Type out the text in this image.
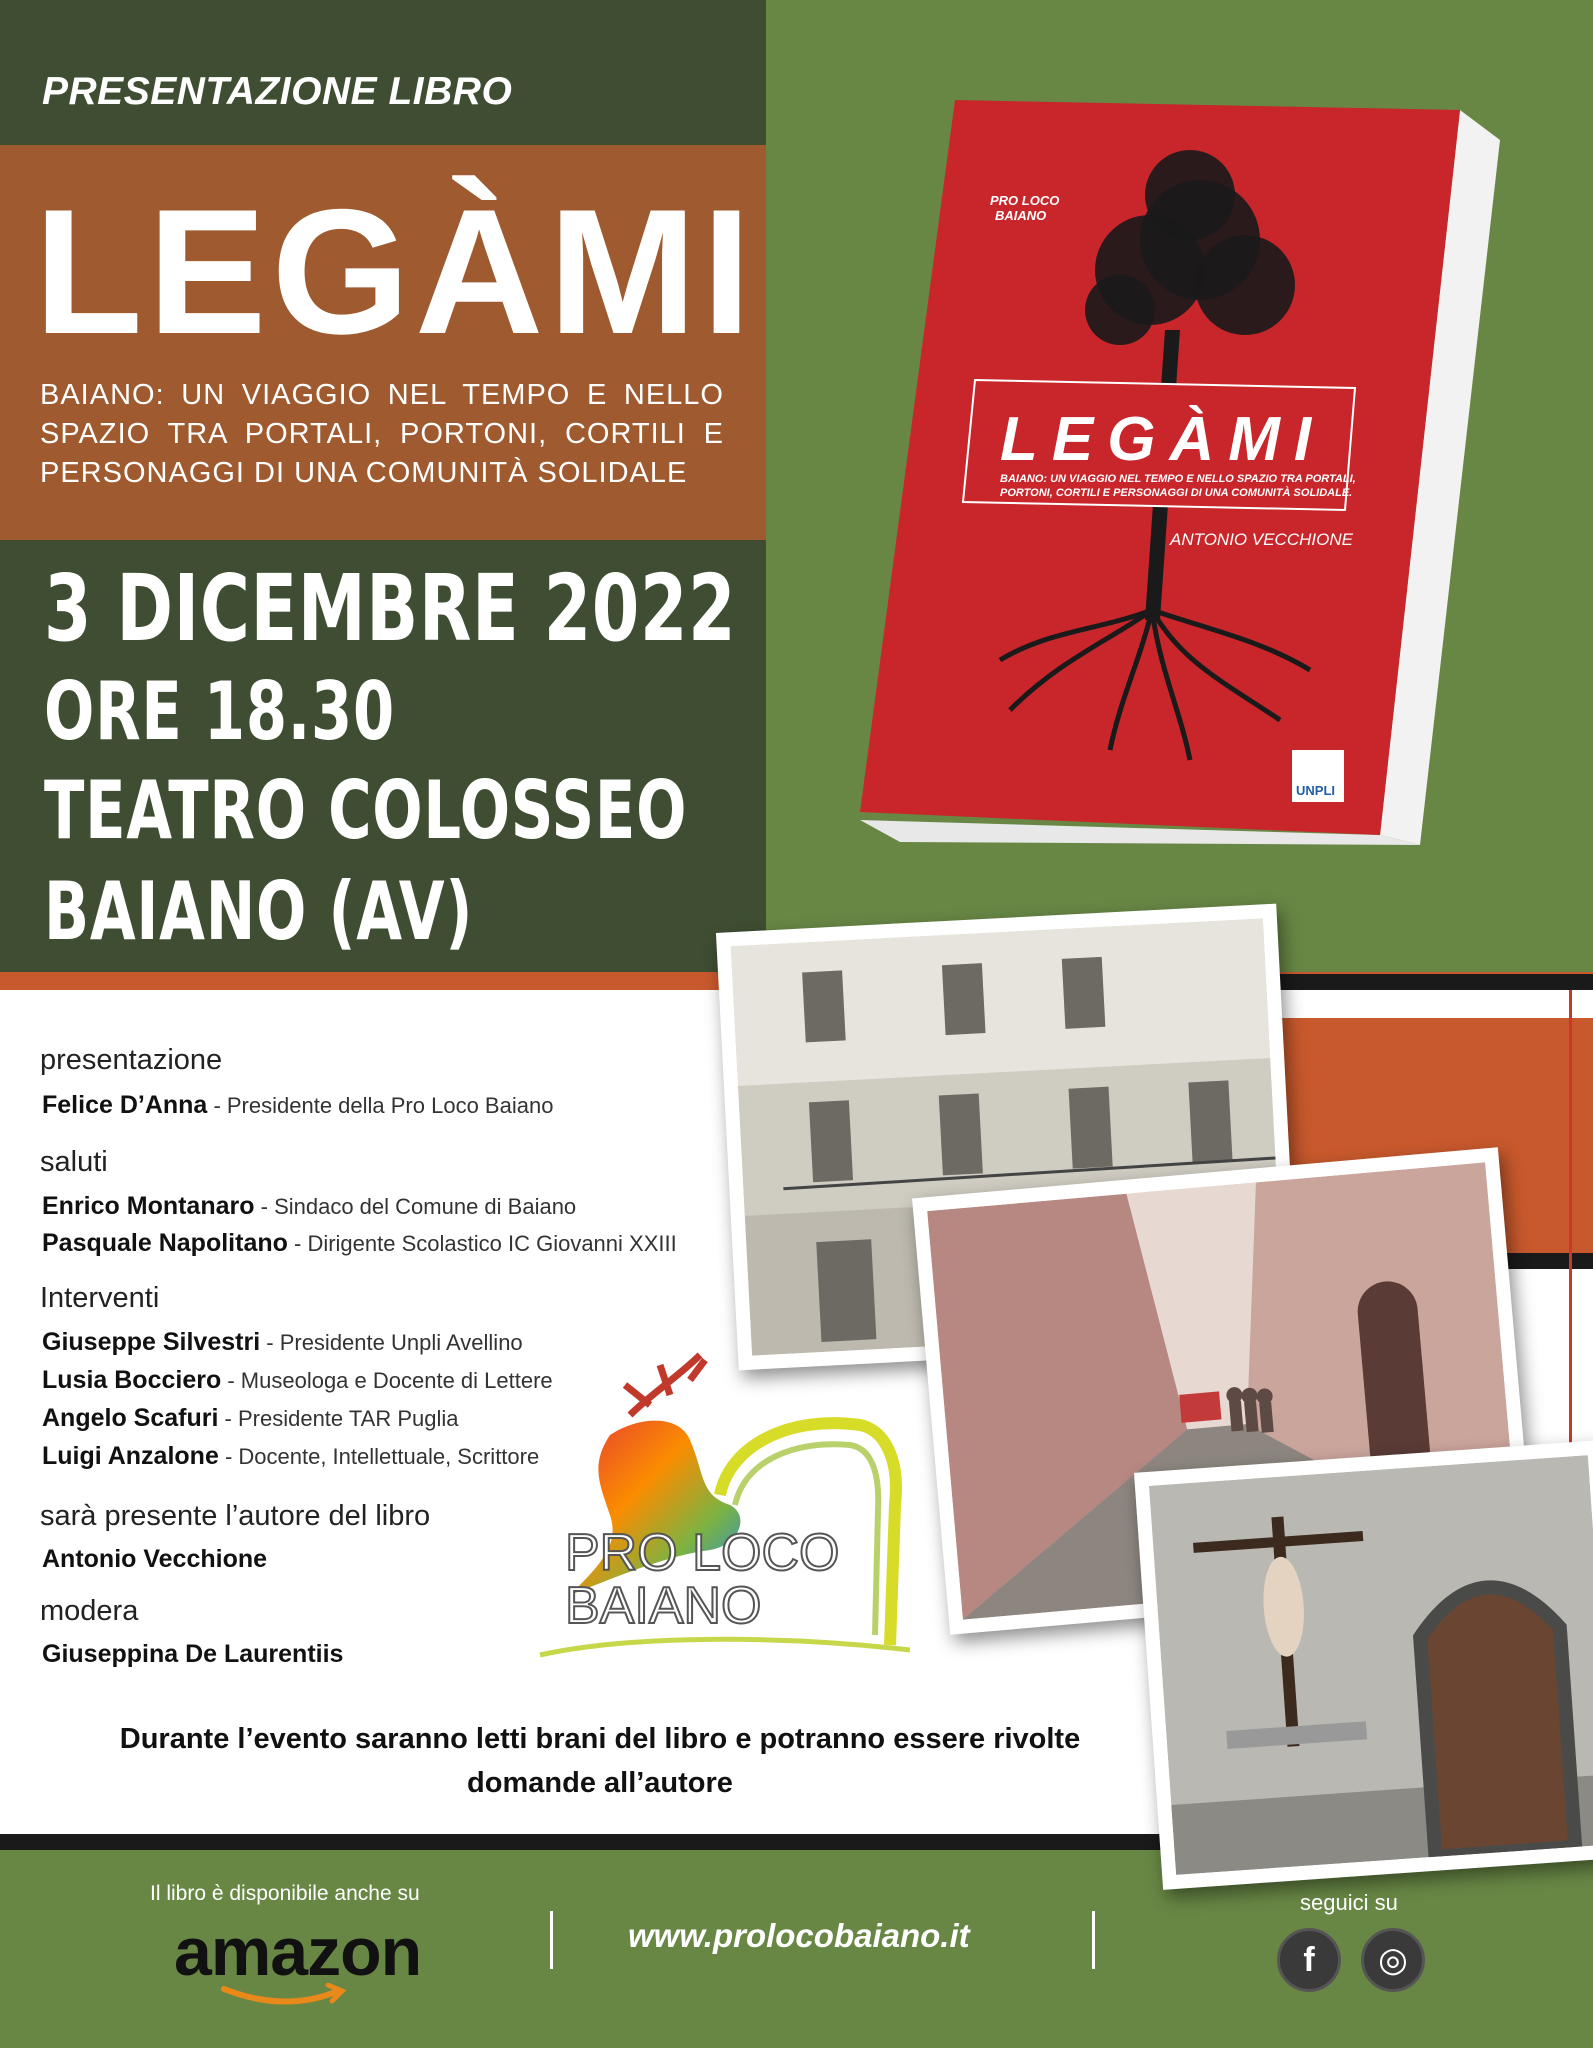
PRESENTAZIONE LIBRO
LEGÀMI
BAIANO: UN VIAGGIO NEL TEMPO E NELLO SPAZIO TRA PORTALI, PORTONI, CORTILI E PERSONAGGI DI UNA COMUNITÀ SOLIDALE
3 DICEMBRE 2022
ORE 18.30
TEATRO COLOSSEO
BAIANO (AV)
LEGÀMI
BAIANO: UN VIAGGIO NEL TEMPO E NELLO SPAZIO TRA PORTALI,
PORTONI, CORTILI E PERSONAGGI DI UNA COMUNITÀ SOLIDALE.
ANTONIO VECCHIONE
PRO LOCO
BAIANO
UNPLI
presentazione
Felice D’Anna - Presidente della Pro Loco Baiano
saluti
Enrico Montanaro - Sindaco del Comune di Baiano
Pasquale Napolitano - Dirigente Scolastico IC Giovanni XXIII
Interventi
Giuseppe Silvestri - Presidente Unpli Avellino
Lusia Bocciero - Museologa e Docente di Lettere
Angelo Scafuri - Presidente TAR Puglia
Luigi Anzalone - Docente, Intellettuale, Scrittore
sarà presente l’autore del libro
Antonio Vecchione
modera
Giuseppina De Laurentiis
Durante l’evento saranno letti brani del libro e potranno essere rivolte
domande all’autore
PRO LOCO
BAIANO
Il libro è disponibile anche su
amazon	www.prolocobaiano.it
seguici su
f	◎
